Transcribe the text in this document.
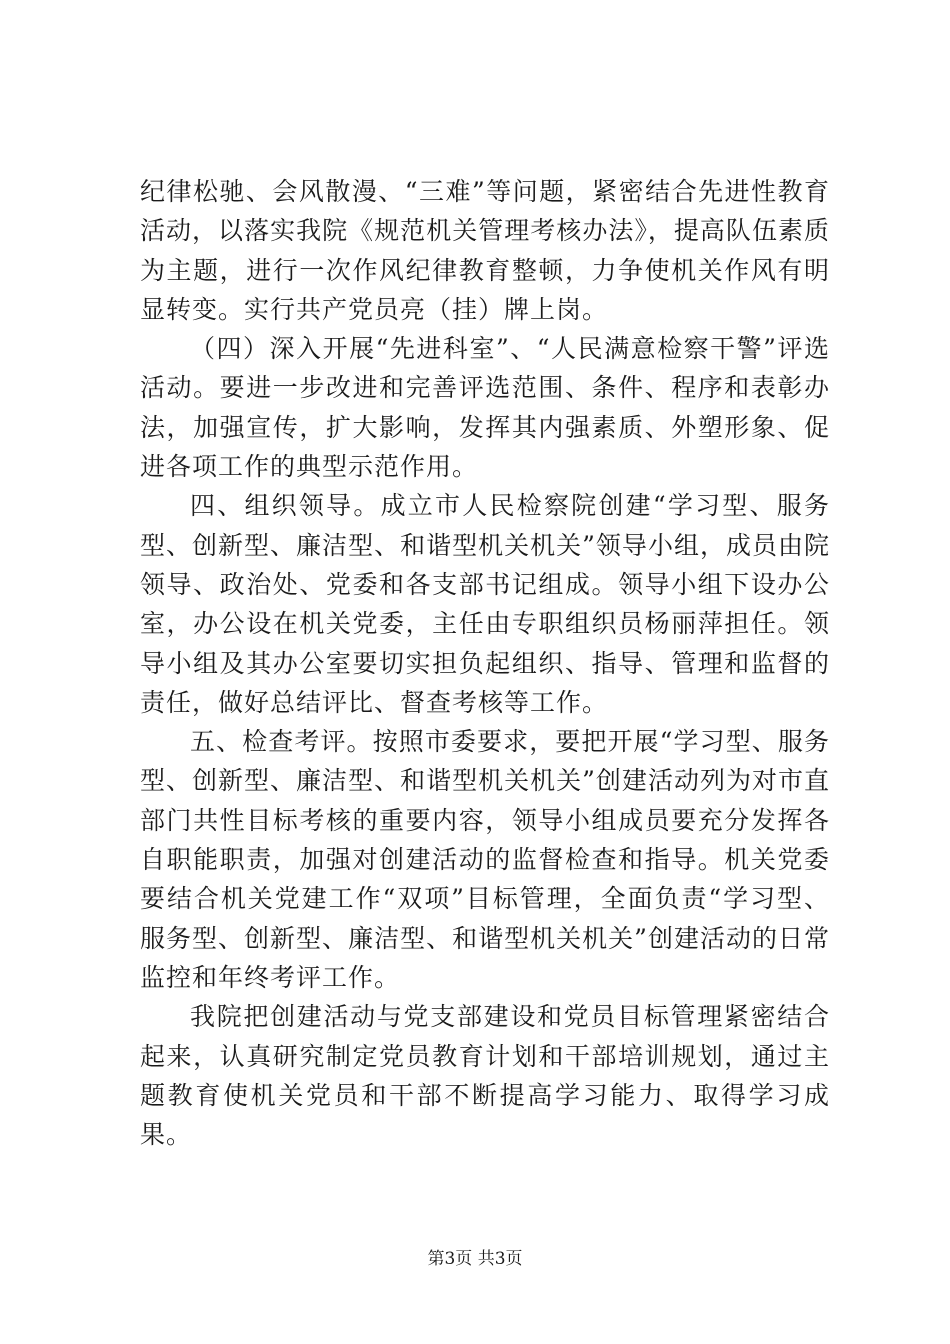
纪律松驰、会风散漫、“三难”等问题，紧密结合先进性教育活动，以落实我院《规范机关管理考核办法》，提高队伍素质为主题，进行一次作风纪律教育整顿，力争使机关作风有明显转变。实行共产党员亮（挂）牌上岗。

（四）深入开展“先进科室”、“人民满意检察干警”评选活动。要进一步改进和完善评选范围、条件、程序和表彰办法，加强宣传，扩大影响，发挥其内强素质、外塑形象、促进各项工作的典型示范作用。

四、组织领导。成立市人民检察院创建“学习型、服务型、创新型、廉洁型、和谐型机关机关”领导小组，成员由院领导、政治处、党委和各支部书记组成。领导小组下设办公室，办公设在机关党委，主任由专职组织员杨丽萍担任。领导小组及其办公室要切实担负起组织、指导、管理和监督的责任，做好总结评比、督查考核等工作。

五、检查考评。按照市委要求，要把开展“学习型、服务型、创新型、廉洁型、和谐型机关机关”创建活动列为对市直部门共性目标考核的重要内容，领导小组成员要充分发挥各自职能职责，加强对创建活动的监督检查和指导。机关党委要结合机关党建工作“双项”目标管理，全面负责“学习型、服务型、创新型、廉洁型、和谐型机关机关”创建活动的日常监控和年终考评工作。

我院把创建活动与党支部建设和党员目标管理紧密结合起来，认真研究制定党员教育计划和干部培训规划，通过主题教育使机关党员和干部不断提高学习能力、取得学习成果。

第3页 共3页
